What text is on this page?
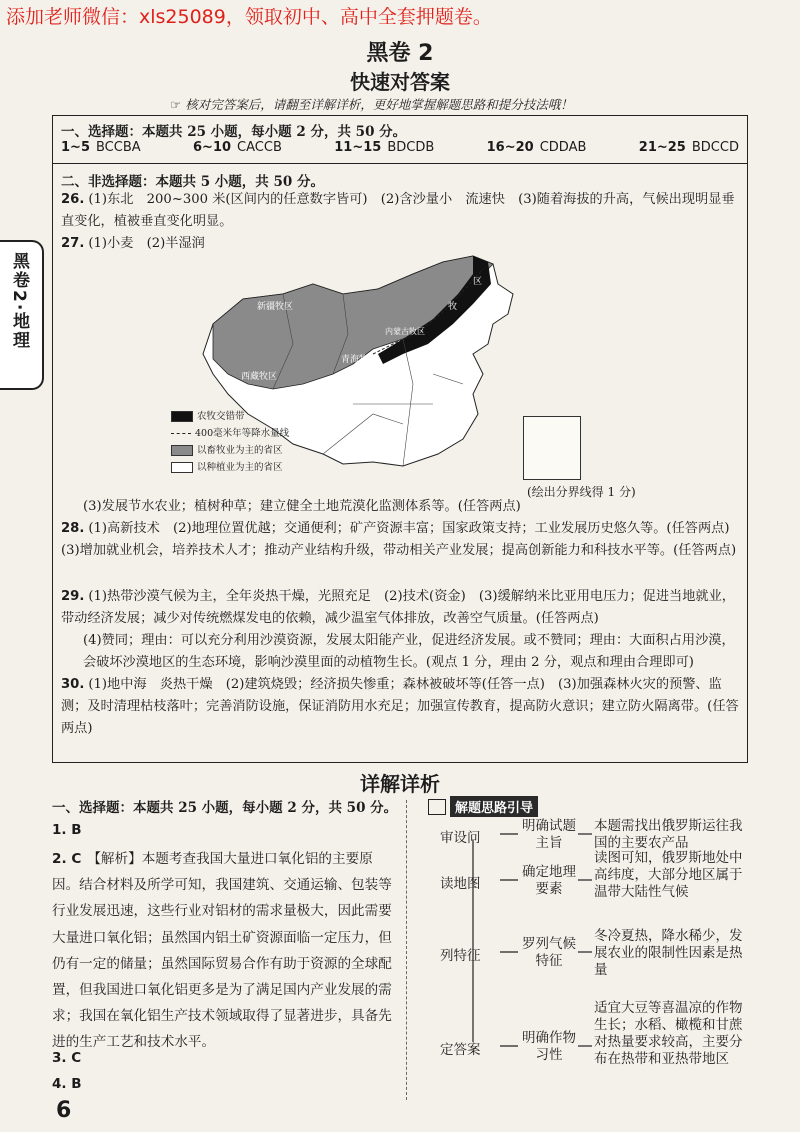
添加老师微信：xls25089，领取初中、高中全套押题卷。
黑卷 2
快速对答案
☞ 核对完答案后，请翻至详解详析，更好地掌握解题思路和提分技法哦！
黑卷2·地理
一、选择题：本题共 25 小题，每小题 2 分，共 50 分。
1~5 BCCBA	6~10 CACCB	11~15 BDCDB	16~20 CDDAB	21~25 BDCCD
二、非选择题：本题共 5 小题，共 50 分。
26. (1)东北　200~300 米(区间内的任意数字皆可)　(2)含沙量小　流速快　(3)随着海拔的升高，气候出现明显垂直变化，植被垂直变化明显。
27. (1)小麦　(2)半湿润
新疆牧区
西藏牧区
青海牧区
内蒙古牧区
区
牧
农牧交错带
400毫米年等降水量线
以畜牧业为主的省区
以种植业为主的省区
(绘出分界线得 1 分)
(3)发展节水农业；植树种草；建立健全土地荒漠化监测体系等。(任答两点)
28. (1)高新技术　(2)地理位置优越；交通便利；矿产资源丰富；国家政策支持；工业发展历史悠久等。(任答两点)　(3)增加就业机会，培养技术人才；推动产业结构升级，带动相关产业发展；提高创新能力和科技水平等。(任答两点)
29. (1)热带沙漠气候为主，全年炎热干燥，光照充足　(2)技术(资金)　(3)缓解纳米比亚用电压力；促进当地就业，带动经济发展；减少对传统燃煤发电的依赖，减少温室气体排放，改善空气质量。(任答两点)
(4)赞同；理由：可以充分利用沙漠资源，发展太阳能产业，促进经济发展。或不赞同；理由：大面积占用沙漠，会破坏沙漠地区的生态环境，影响沙漠里面的动植物生长。(观点 1 分，理由 2 分，观点和理由合理即可)
30. (1)地中海　炎热干燥　(2)建筑烧毁；经济损失惨重；森林被破坏等(任答一点)　(3)加强森林火灾的预警、监测；及时清理枯枝落叶；完善消防设施，保证消防用水充足；加强宣传教育，提高防火意识；建立防火隔离带。(任答两点)
详解详析
一、选择题：本题共 25 小题，每小题 2 分，共 50 分。
1. B
2. C 【解析】本题考查我国大量进口氧化铝的主要原因。结合材料及所学可知，我国建筑、交通运输、包装等行业发展迅速，这些行业对铝材的需求量极大，因此需要大量进口氧化铝；虽然国内铝土矿资源面临一定压力，但仍有一定的储量；虽然国际贸易合作有助于资源的全球配置，但我国进口氧化铝更多是为了满足国内产业发展的需求；我国在氧化铝生产技术领域取得了显著进步，具备先进的生产工艺和技术水平。
3. C
4. B
解题思路引导
审设问
明确试题主旨
本题需找出俄罗斯运往我国的主要农产品
读地图
确定地理要素
读图可知，俄罗斯地处中高纬度，大部分地区属于温带大陆性气候
列特征
罗列气候特征
冬冷夏热，降水稀少，发展农业的限制性因素是热量
定答案
明确作物习性
适宜大豆等喜温凉的作物生长；水稻、橄榄和甘蔗对热量要求较高，主要分布在热带和亚热带地区
6
